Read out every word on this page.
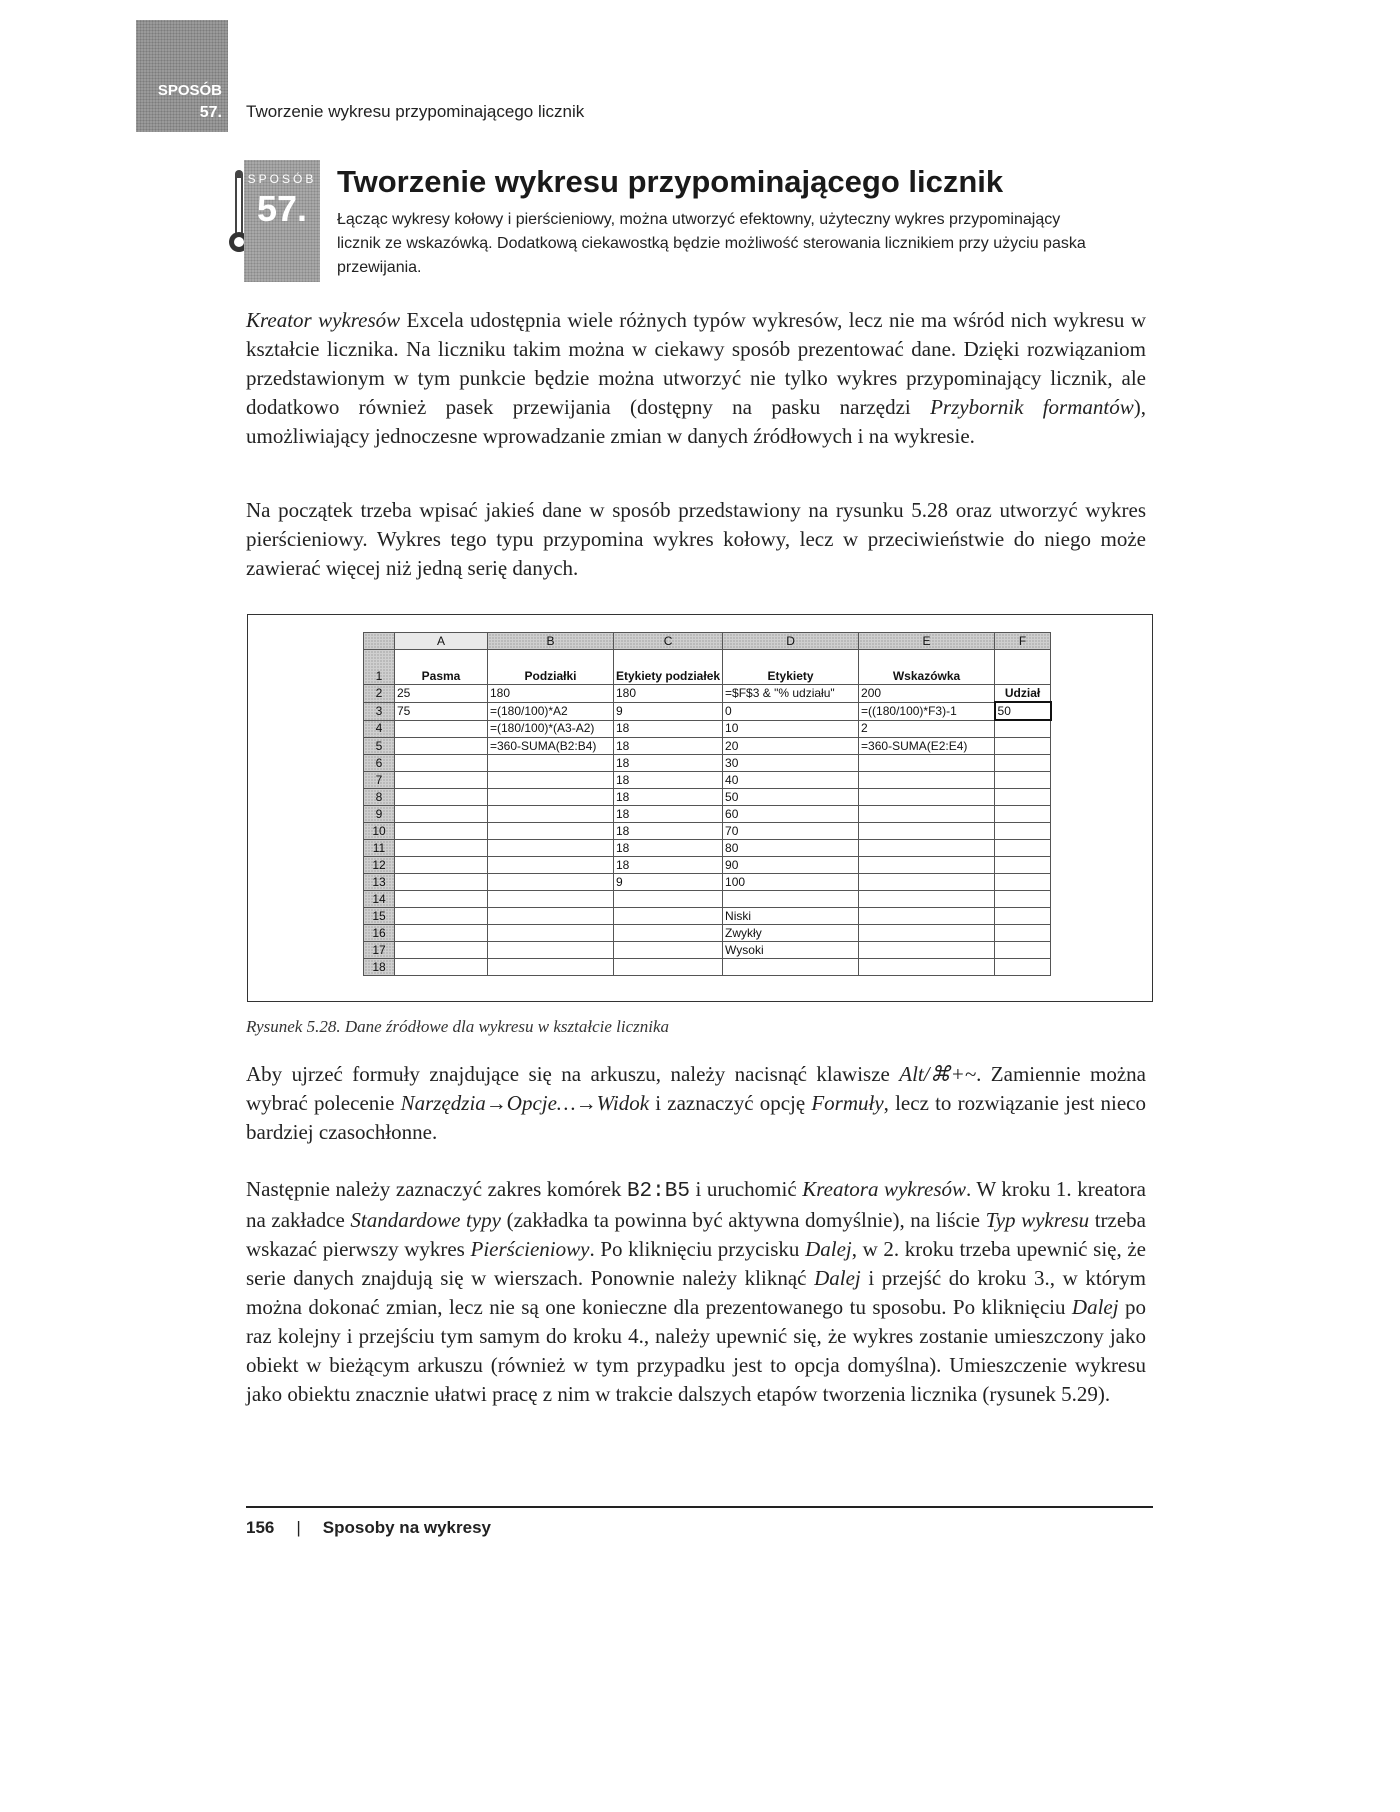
SPOSÓB
57. Tworzenie wykresu przypominającego licznik
SPOSÓB
57.
Tworzenie wykresu przypominającego licznik

Łącząc wykresy kołowy i pierścieniowy, można utworzyć efektowny, użyteczny wykres przypominający licznik ze wskazówką. Dodatkową ciekawostką będzie możliwość sterowania licznikiem przy użyciu paska przewijania.

Kreator wykresów Excela udostępnia wiele różnych typów wykresów, lecz nie ma wśród nich wykresu w kształcie licznika. Na liczniku takim można w ciekawy sposób prezentować dane. Dzięki rozwiązaniom przedstawionym w tym punkcie będzie można utworzyć nie tylko wykres przypominający licznik, ale dodatkowo również pasek przewijania (dostępny na pasku narzędzi Przybornik formantów), umożliwiający jednoczesne wprowadzanie zmian w danych źródłowych i na wykresie.

Na początek trzeba wpisać jakieś dane w sposób przedstawiony na rysunku 5.28 oraz utworzyć wykres pierścieniowy. Wykres tego typu przypomina wykres kołowy, lecz w przeciwieństwie do niego może zawierać więcej niż jedną serię danych.

	A	B	C	D	E	F
1	Pasma	Podziałki	Etykiety podziałek	Etykiety	Wskazówka	
2	25	180	180	=$F$3 & "% udziału"	200	Udział
3	75	=(180/100)*A2	9	0	=((180/100)*F3)-1	50
4		=(180/100)*(A3-A2)	18	10	2	
5		=360-SUMA(B2:B4)	18	20	=360-SUMA(E2:E4)	
6			18	30		
7			18	40		
8			18	50		
9			18	60		
10			18	70		
11			18	80		
12			18	90		
13			9	100		
14						
15				Niski		
16				Zwykły		
17				Wysoki		
18						

Rysunek 5.28. Dane źródłowe dla wykresu w kształcie licznika

Aby ujrzeć formuły znajdujące się na arkuszu, należy nacisnąć klawisze Alt/⌘+~. Zamiennie można wybrać polecenie Narzędzia→Opcje…→Widok i zaznaczyć opcję Formuły, lecz to rozwiązanie jest nieco bardziej czasochłonne.

Następnie należy zaznaczyć zakres komórek B2:B5 i uruchomić Kreatora wykresów. W kroku 1. kreatora na zakładce Standardowe typy (zakładka ta powinna być aktywna domyślnie), na liście Typ wykresu trzeba wskazać pierwszy wykres Pierścieniowy. Po kliknięciu przycisku Dalej, w 2. kroku trzeba upewnić się, że serie danych znajdują się w wierszach. Ponownie należy kliknąć Dalej i przejść do kroku 3., w którym można dokonać zmian, lecz nie są one konieczne dla prezentowanego tu sposobu. Po kliknięciu Dalej po raz kolejny i przejściu tym samym do kroku 4., należy upewnić się, że wykres zostanie umieszczony jako obiekt w bieżącym arkuszu (również w tym przypadku jest to opcja domyślna). Umieszczenie wykresu jako obiektu znacznie ułatwi pracę z nim w trakcie dalszych etapów tworzenia licznika (rysunek 5.29).

156 | Sposoby na wykresy
